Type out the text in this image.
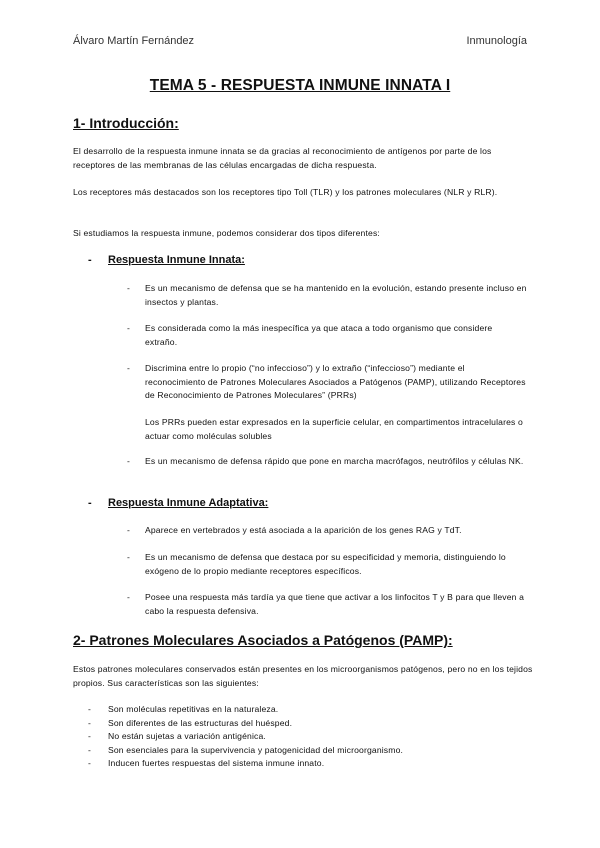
Álvaro Martín Fernández	Inmunología
TEMA 5 - RESPUESTA INMUNE INNATA I
1- Introducción:
El desarrollo de la respuesta inmune innata se da gracias al reconocimiento de antígenos por parte de los receptores de las membranas de las células encargadas de dicha respuesta.
Los receptores más destacados son los receptores tipo Toll (TLR) y los patrones moleculares (NLR y RLR).
Si estudiamos la respuesta inmune, podemos considerar dos tipos diferentes:
- Respuesta Inmune Innata:
- Es un mecanismo de defensa que se ha mantenido en la evolución, estando presente incluso en insectos y plantas.
- Es considerada como la más inespecífica ya que ataca a todo organismo que considere extraño.
- Discrimina entre lo propio (“no infeccioso”) y lo extraño (“infeccioso”) mediante el reconocimiento de Patrones Moleculares Asociados a Patógenos (PAMP), utilizando Receptores de Reconocimiento de Patrones Moleculares” (PRRs)
Los PRRs pueden estar expresados en la superficie celular, en compartimentos intracelulares o actuar como moléculas solubles
- Es un mecanismo de defensa rápido que pone en marcha macrófagos, neutrófilos y células NK.
- Respuesta Inmune Adaptativa:
- Aparece en vertebrados y está asociada a la aparición de los genes RAG y TdT.
- Es un mecanismo de defensa que destaca por su especificidad y memoria, distinguiendo lo exógeno de lo propio mediante receptores específicos.
- Posee una respuesta más tardía ya que tiene que activar a los linfocitos T y B para que lleven a cabo la respuesta defensiva.
2- Patrones Moleculares Asociados a Patógenos (PAMP):
Estos patrones moleculares conservados están presentes en los microorganismos patógenos, pero no en los tejidos propios. Sus características son las siguientes:
- Son moléculas repetitivas en la naturaleza.
- Son diferentes de las estructuras del huésped.
- No están sujetas a variación antigénica.
- Son esenciales para la supervivencia y patogenicidad del microorganismo.
- Inducen fuertes respuestas del sistema inmune innato.
